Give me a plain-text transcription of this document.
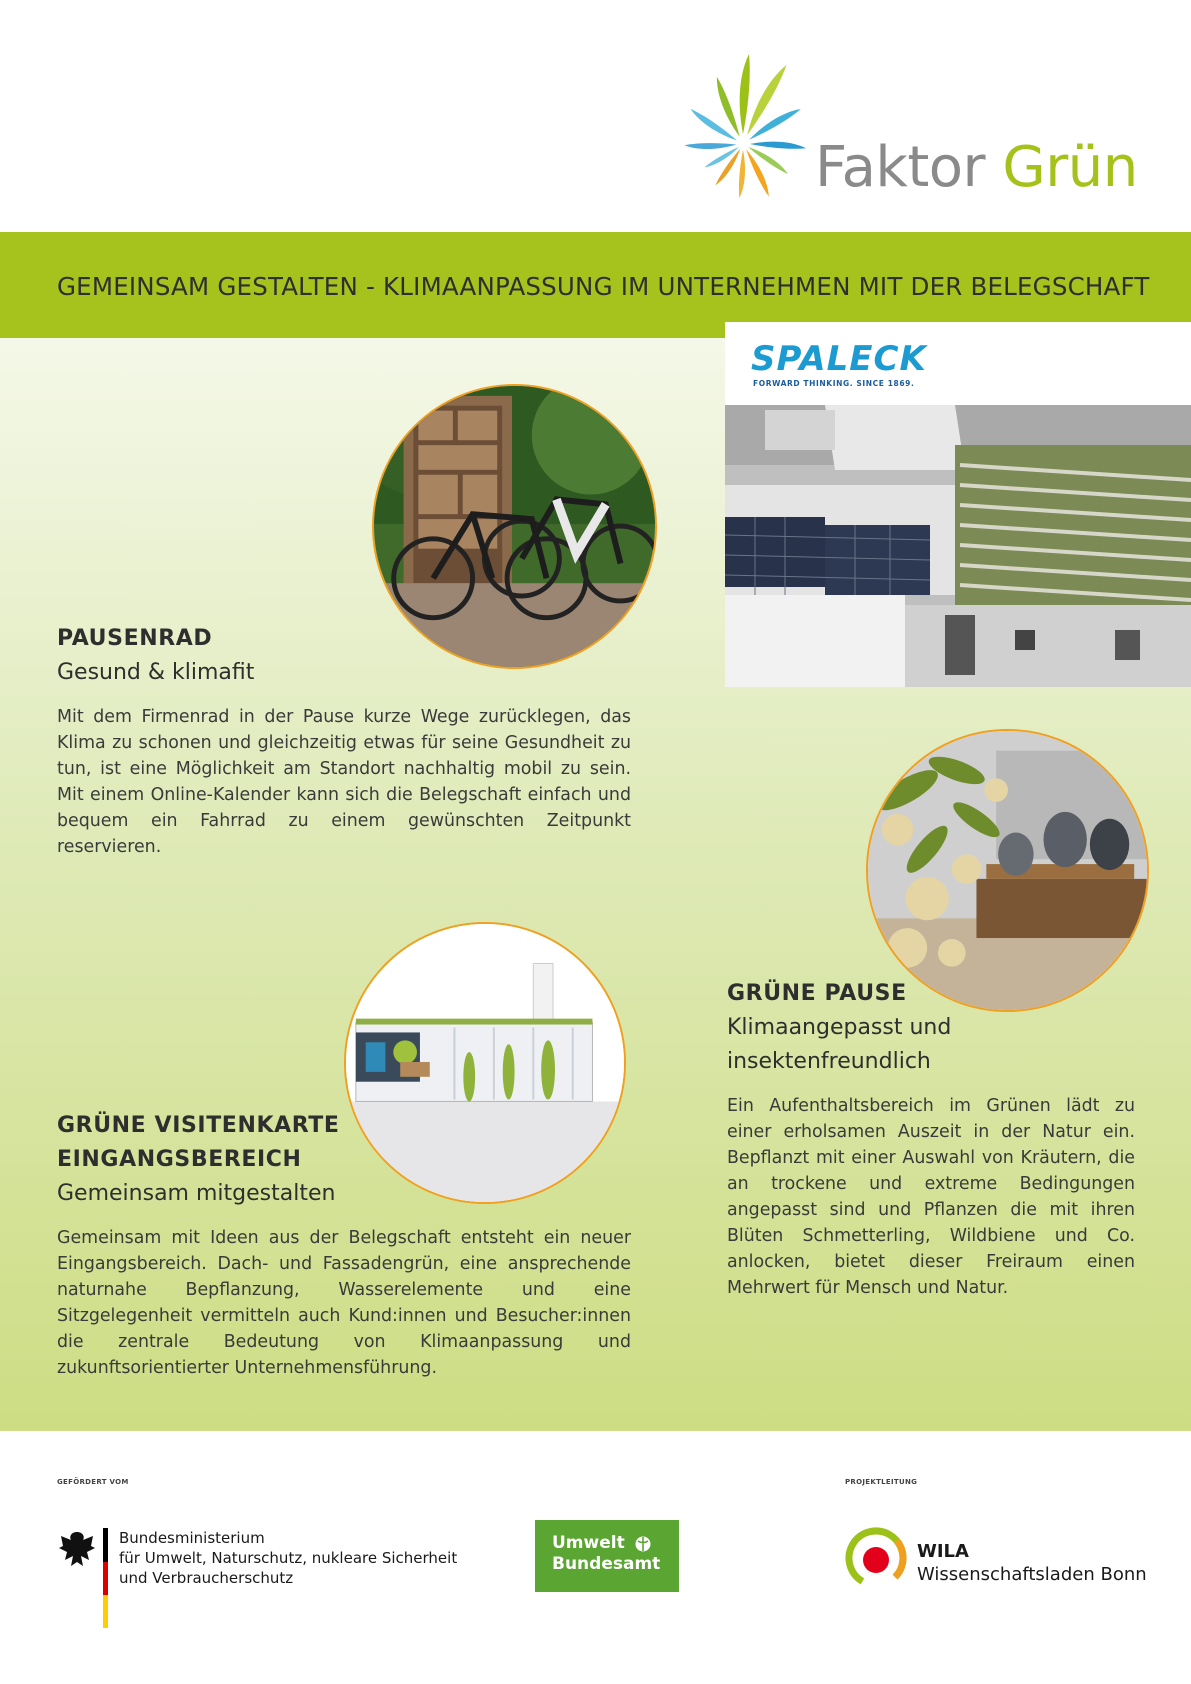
Faktor Grün
GEMEINSAM GESTALTEN - KLIMAANPASSUNG IM UNTERNEHMEN MIT DER BELEGSCHAFT
SPALECK
FORWARD THINKING. SINCE 1869.
PAUSENRAD
Gesund & klimafit

Mit dem Firmenrad in der Pause kurze Wege zurücklegen, das Klima zu schonen und gleichzeitig etwas für seine Gesundheit zu tun, ist eine Möglichkeit am Standort nachhaltig mobil zu sein. Mit einem Online-Kalender kann sich die Belegschaft einfach und bequem ein Fahrrad zu einem gewünschten Zeitpunkt reservieren.

GRÜNE PAUSE
Klimaangepasst und insektenfreundlich

Ein Aufenthaltsbereich im Grünen lädt zu einer erholsamen Auszeit in der Natur ein. Bepflanzt mit einer Auswahl von Kräutern, die an trockene und extreme Bedingungen angepasst sind und Pflanzen die mit ihren Blüten Schmetterling, Wildbiene und Co. anlocken, bietet dieser Freiraum einen Mehrwert für Mensch und Natur.

GRÜNE VISITENKARTE EINGANGSBEREICH
Gemeinsam mitgestalten

Gemeinsam mit Ideen aus der Belegschaft entsteht ein neuer Eingangsbereich. Dach- und Fassadengrün, eine ansprechende naturnahe Bepflanzung, Wasserelemente und eine Sitzgelegenheit vermitteln auch Kund:innen und Besucher:innen die zentrale Bedeutung von Klimaanpassung und zukunftsorientierter Unternehmensführung.

GEFÖRDERT VOM	PROJEKTLEITUNG
Bundesministerium
für Umwelt, Naturschutz, nukleare Sicherheit
und Verbraucherschutz
Umwelt
Bundesamt
WILA
Wissenschaftsladen Bonn
